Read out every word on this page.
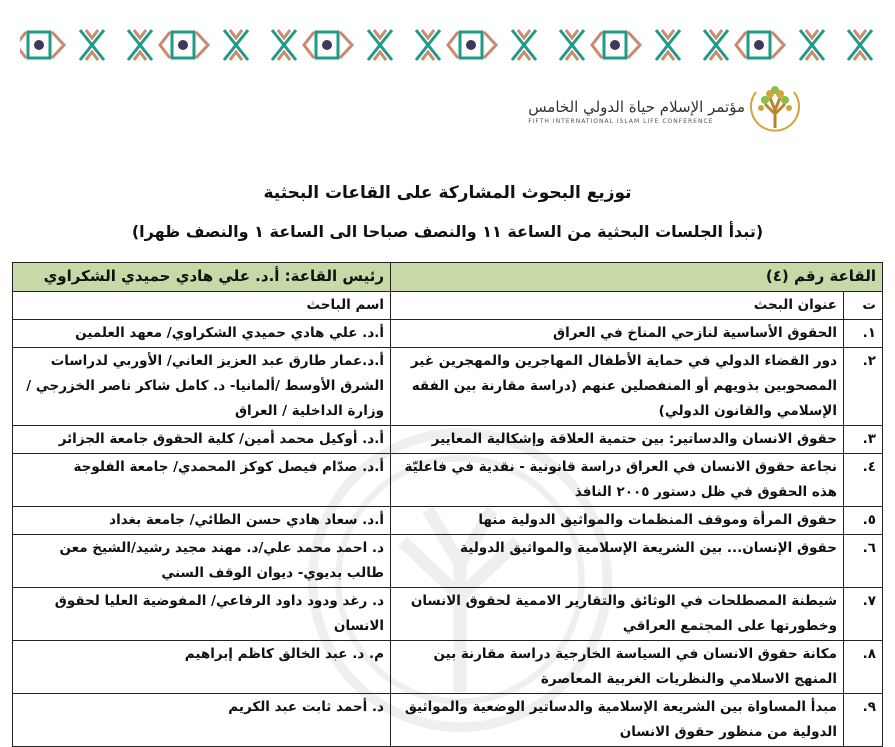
مؤتمر الإسلام حياة الدولي الخامس
FIFTH INTERNATIONAL ISLAM LIFE CONFERENCE
توزيع البحوث المشاركة على القاعات البحثية
(تبدأ الجلسات البحثية من الساعة ١١ والنصف صباحا الى الساعة ١ والنصف ظهرا)
القاعة رقم (٤)		رئيس القاعة: أ.د. علي هادي حميدي الشكراوي
ت	عنوان البحث	اسم الباحث
١.	الحقوق الأساسية لنازحي المناخ في العراق	أ.د. علي هادي حميدي الشكراوي/ معهد العلمين
٢.	دور القضاء الدولي في حماية الأطفال المهاجرين والمهجرين غير المصحوبين بذويهم أو المنفصلين عنهم (دراسة مقارنة بين الفقه الإسلامي والقانون الدولي)	أ.د.عمار طارق عبد العزيز العاني/ الأوربي لدراسات الشرق الأوسط /ألمانيا- د. كامل شاكر ناصر الخزرجي / وزارة الداخلية / العراق
٣.	حقوق الانسان والدساتير: بين حتمية العلاقة وإشكالية المعايير	أ.د. أوكيل محمد أمين/ كلية الحقوق جامعة الجزائر
٤.	نجاعة حقوق الانسان في العراق دراسة قانونية - نقدية في فاعليّة هذه الحقوق في ظل دستور ٢٠٠٥ النافذ	أ.د. صدّام فيصل كوكز المحمدي/ جامعة الفلوجة
٥.	حقوق المرأة وموقف المنظمات والمواثيق الدولية منها	أ.د. سعاد هادي حسن الطائي/ جامعة بغداد
٦.	حقوق الإنسان... بين الشريعة الإسلامية والمواثيق الدولية	د. احمد محمد علي/د. مهند مجيد رشيد/الشيخ معن طالب بديوي- ديوان الوقف السني
٧.	شيطنة المصطلحات في الوثائق والتقارير الاممية لحقوق الانسان وخطورتها على المجتمع العراقي	د. رغد ودود داود الرفاعي/ المفوضية العليا لحقوق الانسان
٨.	مكانة حقوق الانسان في السياسة الخارجية دراسة مقارنة بين المنهج الاسلامي والنظريات الغربية المعاصرة	م. د. عبد الخالق كاظم إبراهيم
٩.	مبدأ المساواة بين الشريعة الإسلامية والدساتير الوضعية والمواثيق الدولية من منظور حقوق الانسان	د. أحمد ثابت عبد الكريم
